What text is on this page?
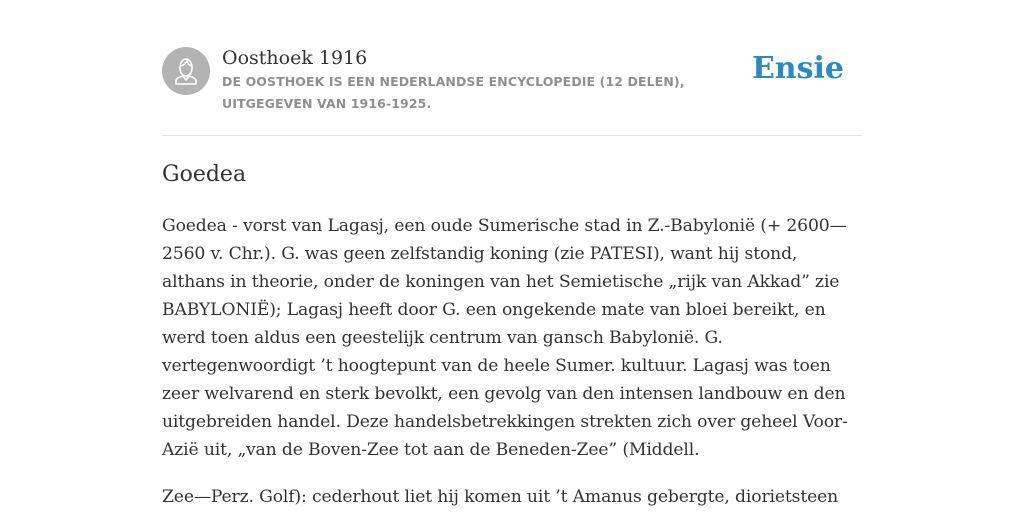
Oosthoek 1916
DE OOSTHOEK IS EEN NEDERLANDSE ENCYCLOPEDIE (12 DELEN), UITGEGEVEN VAN 1916-1925.
Ensie
Goedea

Goedea - vorst van Lagasj, een oude Sumerische stad in Z.-Babylonië (+ 2600—2560 v. Chr.). G. was geen zelfstandig koning (zie PATESI), want hij stond, althans in theorie, onder de koningen van het Semietische „rijk van Akkad” zie BABYLONIË); Lagasj heeft door G. een ongekende mate van bloei bereikt, en werd toen aldus een geestelijk centrum van gansch Babylonië. G. vertegenwoordigt ’t hoogtepunt van de heele Sumer. kultuur. Lagasj was toen zeer welvarend en sterk bevolkt, een gevolg van den intensen landbouw en den uitgebreiden handel. Deze handelsbetrekkingen strekten zich over geheel Voor-Azië uit, „van de Boven-Zee tot aan de Beneden-Zee” (Middell.

Zee—Perz. Golf): cederhout liet hij komen uit ’t Amanus gebergte, diorietsteen
